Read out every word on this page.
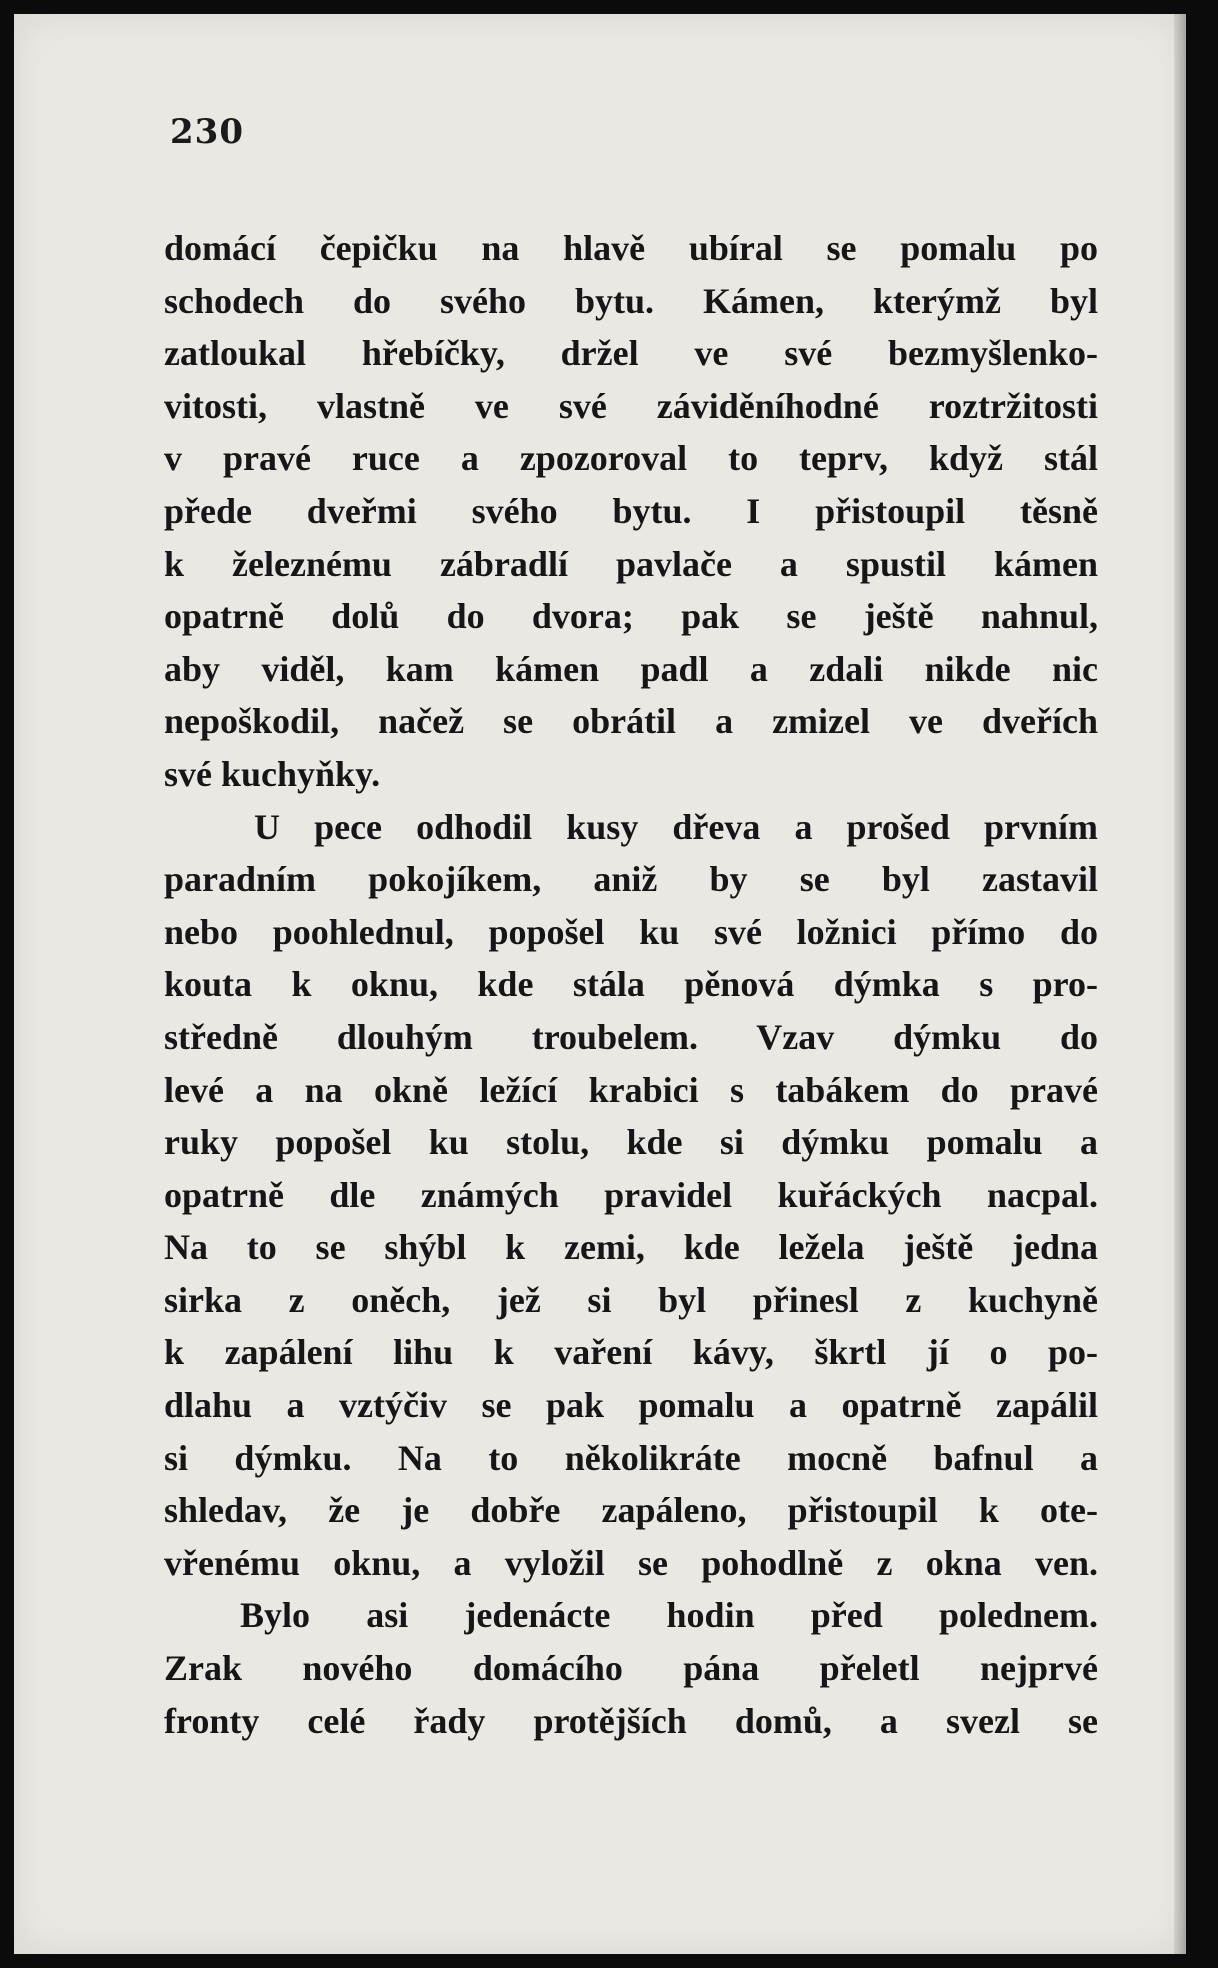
230
domácí čepičku na hlavě ubíral se pomalu po
schodech do svého bytu. Kámen, kterýmž byl
zatloukal hřebíčky, držel ve své bezmyšlenko-
vitosti, vlastně ve své záviděníhodné roztržitosti
v pravé ruce a zpozoroval to teprv, když stál
přede dveřmi svého bytu. I přistoupil těsně
k železnému zábradlí pavlače a spustil kámen
opatrně dolů do dvora; pak se ještě nahnul,
aby viděl, kam kámen padl a zdali nikde nic
nepoškodil, načež se obrátil a zmizel ve dveřích
své kuchyňky.
U pece odhodil kusy dřeva a prošed prvním
paradním pokojíkem, aniž by se byl zastavil
nebo poohlednul, popošel ku své ložnici přímo do
kouta k oknu, kde stála pěnová dýmka s pro-
středně dlouhým troubelem. Vzav dýmku do
levé a na okně ležící krabici s tabákem do pravé
ruky popošel ku stolu, kde si dýmku pomalu a
opatrně dle známých pravidel kuřáckých nacpal.
Na to se shýbl k zemi, kde ležela ještě jedna
sirka z oněch, jež si byl přinesl z kuchyně
k zapálení lihu k vaření kávy, škrtl jí o po-
dlahu a vztýčiv se pak pomalu a opatrně zapálil
si dýmku. Na to několikráte mocně bafnul a
shledav, že je dobře zapáleno, přistoupil k ote-
vřenému oknu, a vyložil se pohodlně z okna ven.
Bylo asi jedenácte hodin před polednem.
Zrak nového domácího pána přeletl nejprvé
fronty celé řady protějších domů, a svezl se
